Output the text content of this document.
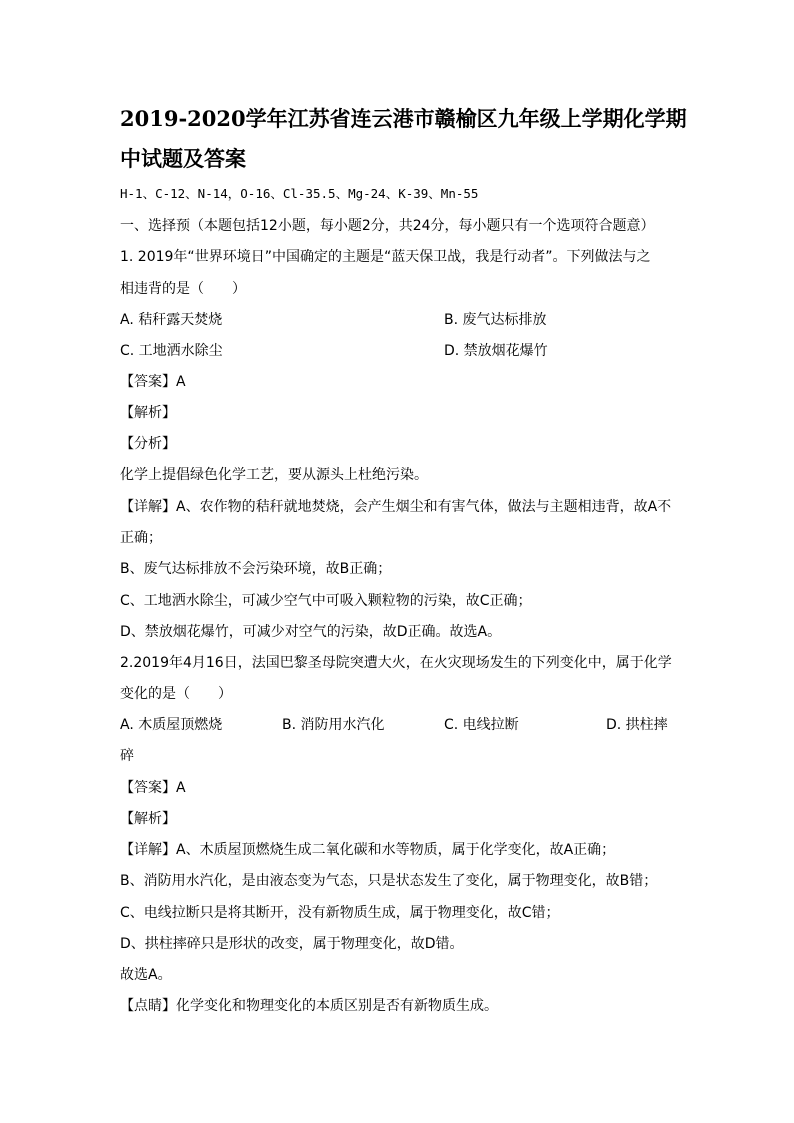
2019-2020学年江苏省连云港市赣榆区九年级上学期化学期
中试题及答案
H-1、C-12、N-14，O-16、Cl-35.5、Mg-24、K-39、Mn-55
一、选择预（本题包括12小题，每小题2分，共24分，每小题只有一个选项符合题意）
1. 2019年“世界环境日”中国确定的主题是“蓝天保卫战，我是行动者”。下列做法与之
相违背的是（　　）
A. 秸秆露天焚烧	B. 废气达标排放
C. 工地洒水除尘	D. 禁放烟花爆竹
【答案】A
【解析】
【分析】
化学上提倡绿色化学工艺，要从源头上杜绝污染。
【详解】A、农作物的秸秆就地焚烧，会产生烟尘和有害气体，做法与主题相违背，故A不
正确；
B、废气达标排放不会污染环境，故B正确；
C、工地洒水除尘，可减少空气中可吸入颗粒物的污染，故C正确；
D、禁放烟花爆竹，可减少对空气的污染，故D正确。故选A。
2.2019年4月16日，法国巴黎圣母院突遭大火，在火灾现场发生的下列变化中，属于化学
变化的是（　　）
A. 木质屋顶燃烧	B. 消防用水汽化	C. 电线拉断	D. 拱柱摔
碎
【答案】A
【解析】
【详解】A、木质屋顶燃烧生成二氧化碳和水等物质，属于化学变化，故A正确；
B、消防用水汽化，是由液态变为气态，只是状态发生了变化，属于物理变化，故B错；
C、电线拉断只是将其断开，没有新物质生成，属于物理变化，故C错；
D、拱柱摔碎只是形状的改变，属于物理变化，故D错。
故选A。
【点睛】化学变化和物理变化的本质区别是否有新物质生成。
